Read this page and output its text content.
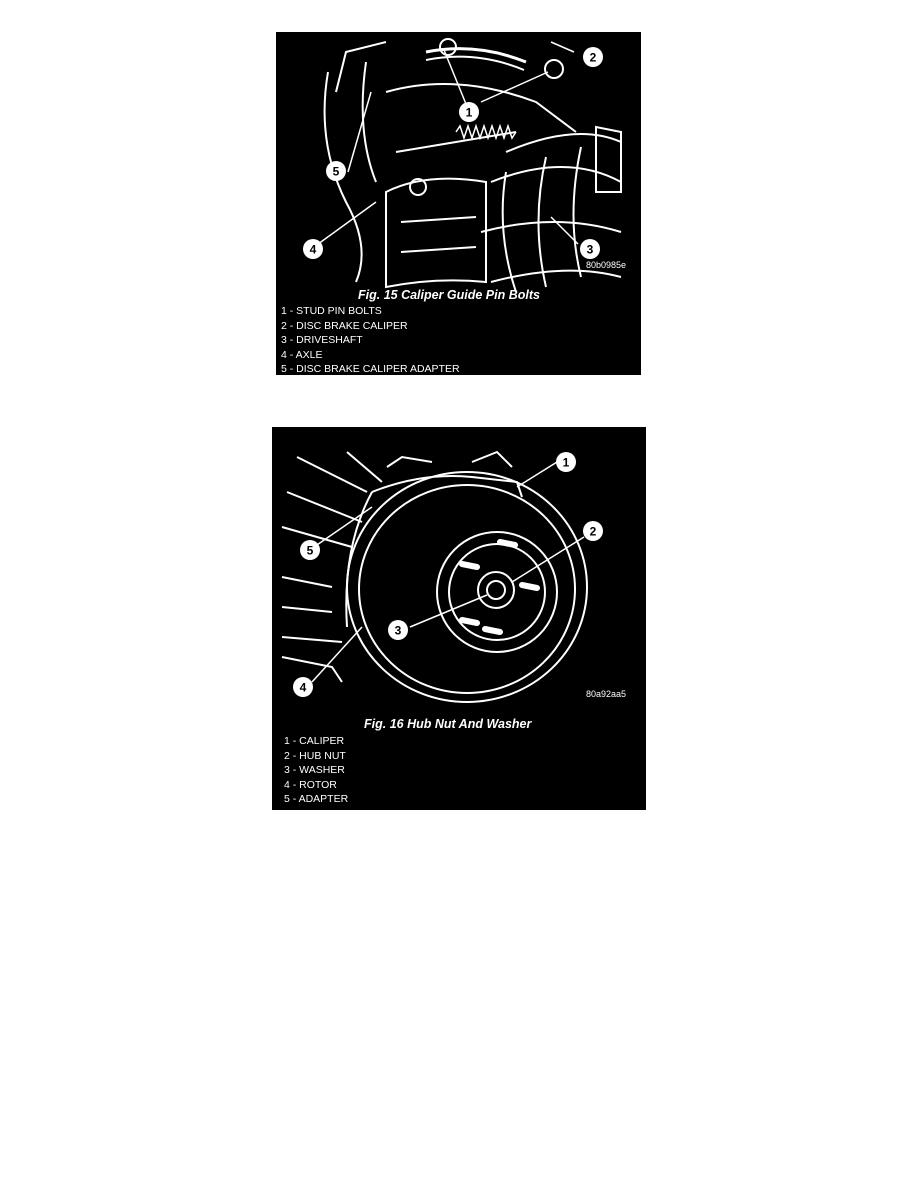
1
2
3
4
5
80b0985e
Fig. 15 Caliper Guide Pin Bolts
1 - STUD PIN BOLTS
2 - DISC BRAKE CALIPER
3 - DRIVESHAFT
4 - AXLE
5 - DISC BRAKE CALIPER ADAPTER
1
2
3
4
5
80a92aa5
Fig. 16 Hub Nut And Washer
1 - CALIPER
2 - HUB NUT
3 - WASHER
4 - ROTOR
5 - ADAPTER
